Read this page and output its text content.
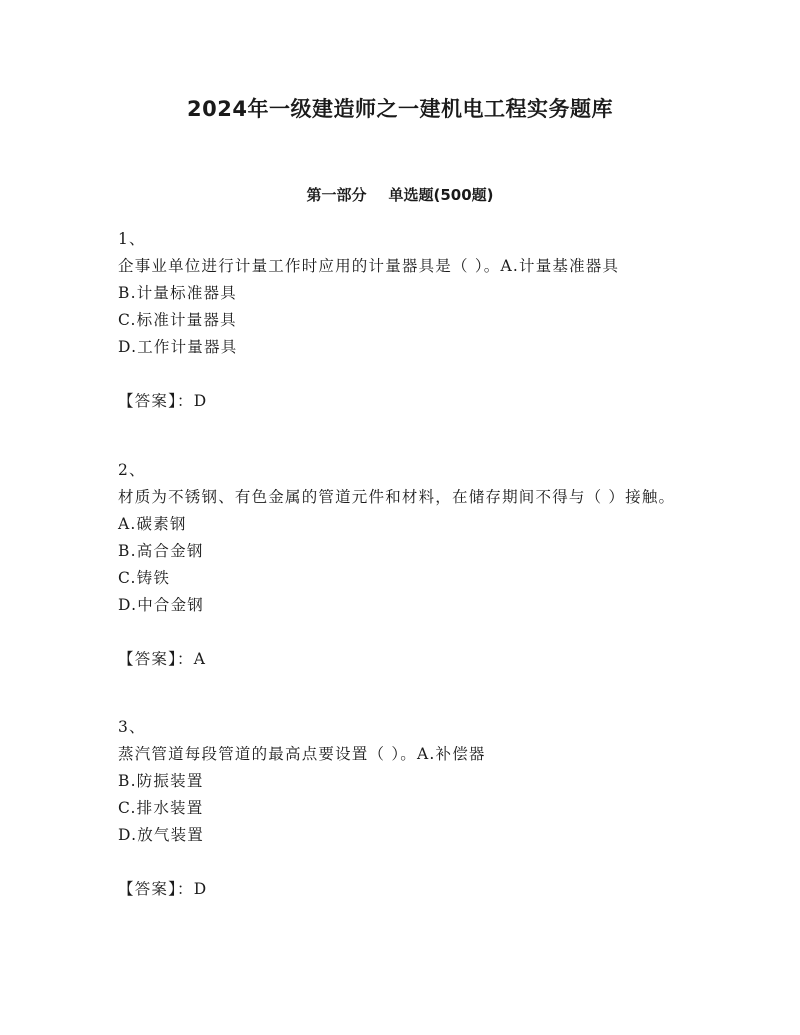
2024年一级建造师之一建机电工程实务题库
第一部分 单选题(500题)
1、
企事业单位进行计量工作时应用的计量器具是（ ）。A.计量基准器具
B.计量标准器具
C.标准计量器具
D.工作计量器具
【答案】：D
2、
材质为不锈钢、有色金属的管道元件和材料，在储存期间不得与（ ）接触。
A.碳素钢
B.高合金钢
C.铸铁
D.中合金钢
【答案】：A
3、
蒸汽管道每段管道的最高点要设置（ ）。A.补偿器
B.防振装置
C.排水装置
D.放气装置
【答案】：D
